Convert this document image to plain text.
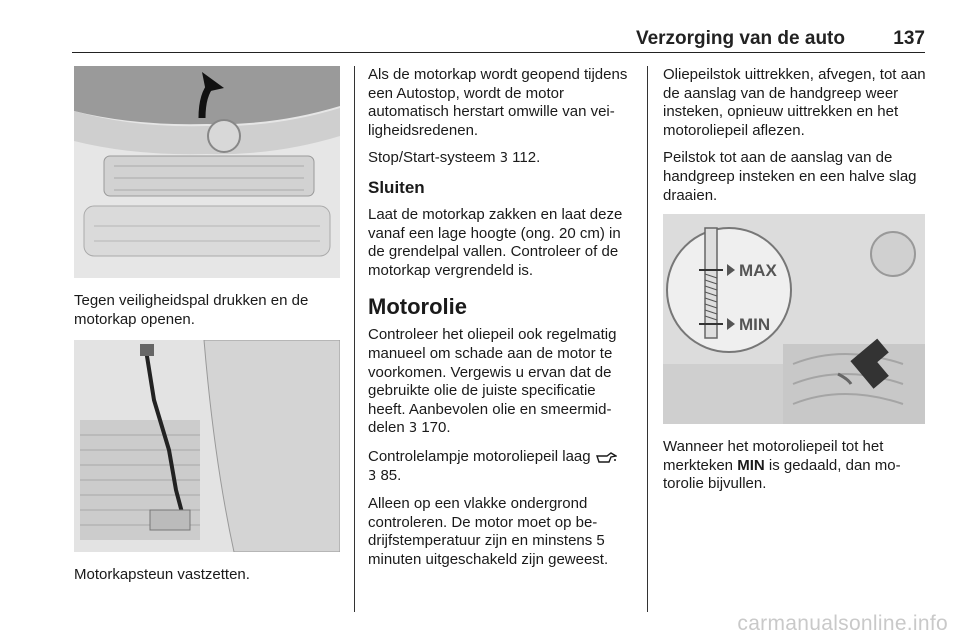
Verzorging van de auto	137

Tegen veiligheidspal drukken en de motorkap openen.

Motorkapsteun vastzetten.

Als de motorkap wordt geopend tijdens een Autostop, wordt de motor automatisch herstart omwille van veiligheidsredenen.

Stop/Start-systeem 3 112.

Sluiten

Laat de motorkap zakken en laat deze vanaf een lage hoogte (ong. 20 cm) in de grendelpal vallen. Controleer of de motorkap vergrendeld is.

Motorolie

Controleer het oliepeil ook regelmatig manueel om schade aan de motor te voorkomen. Vergewis u ervan dat de gebruikte olie de juiste specificatie heeft. Aanbevolen olie en smeermiddelen 3 170.

Controlelampje motoroliepeil laag

3 85.

Alleen op een vlakke ondergrond controleren. De motor moet op bedrijfstemperatuur zijn en minstens 5 minuten uitgeschakeld zijn geweest.

Oliepeilstok uittrekken, afvegen, tot aan de aanslag van de handgreep weer insteken, opnieuw uittrekken en het motoroliepeil aflezen.

Peilstok tot aan de aanslag van de handgreep insteken en een halve slag draaien.

MAX
MIN

Wanneer het motoroliepeil tot het merkteken MIN is gedaald, dan motorolie bijvullen.

carmanualsonline.info
